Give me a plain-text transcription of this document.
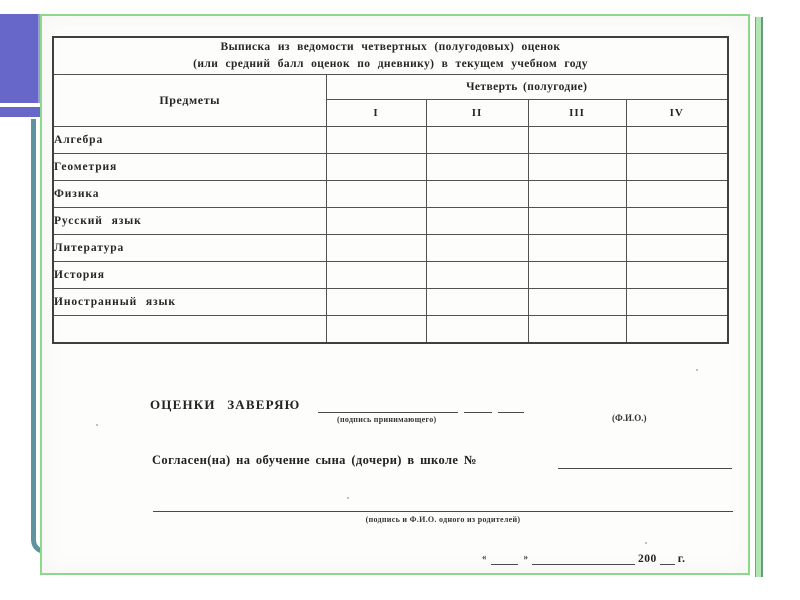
Выписка из ведомости четвертных (полугодовых) оценок
(или средний балл оценок по дневнику) в текущем учебном году				

Предметы	Четверть (полугодие)			
	I	II	III	IV
Алгебра				
Геометрия				
Физика				
Русский язык				
Литература				
История				
Иностранный язык				

ОЦЕНКИ ЗАВЕРЯЮ
(подпись принимающего)	(Ф.И.О.)
Согласен(на) на обучение сына (дочери) в школе №
(подпись и Ф.И.О. одного из родителей)
«	»	200 г.
